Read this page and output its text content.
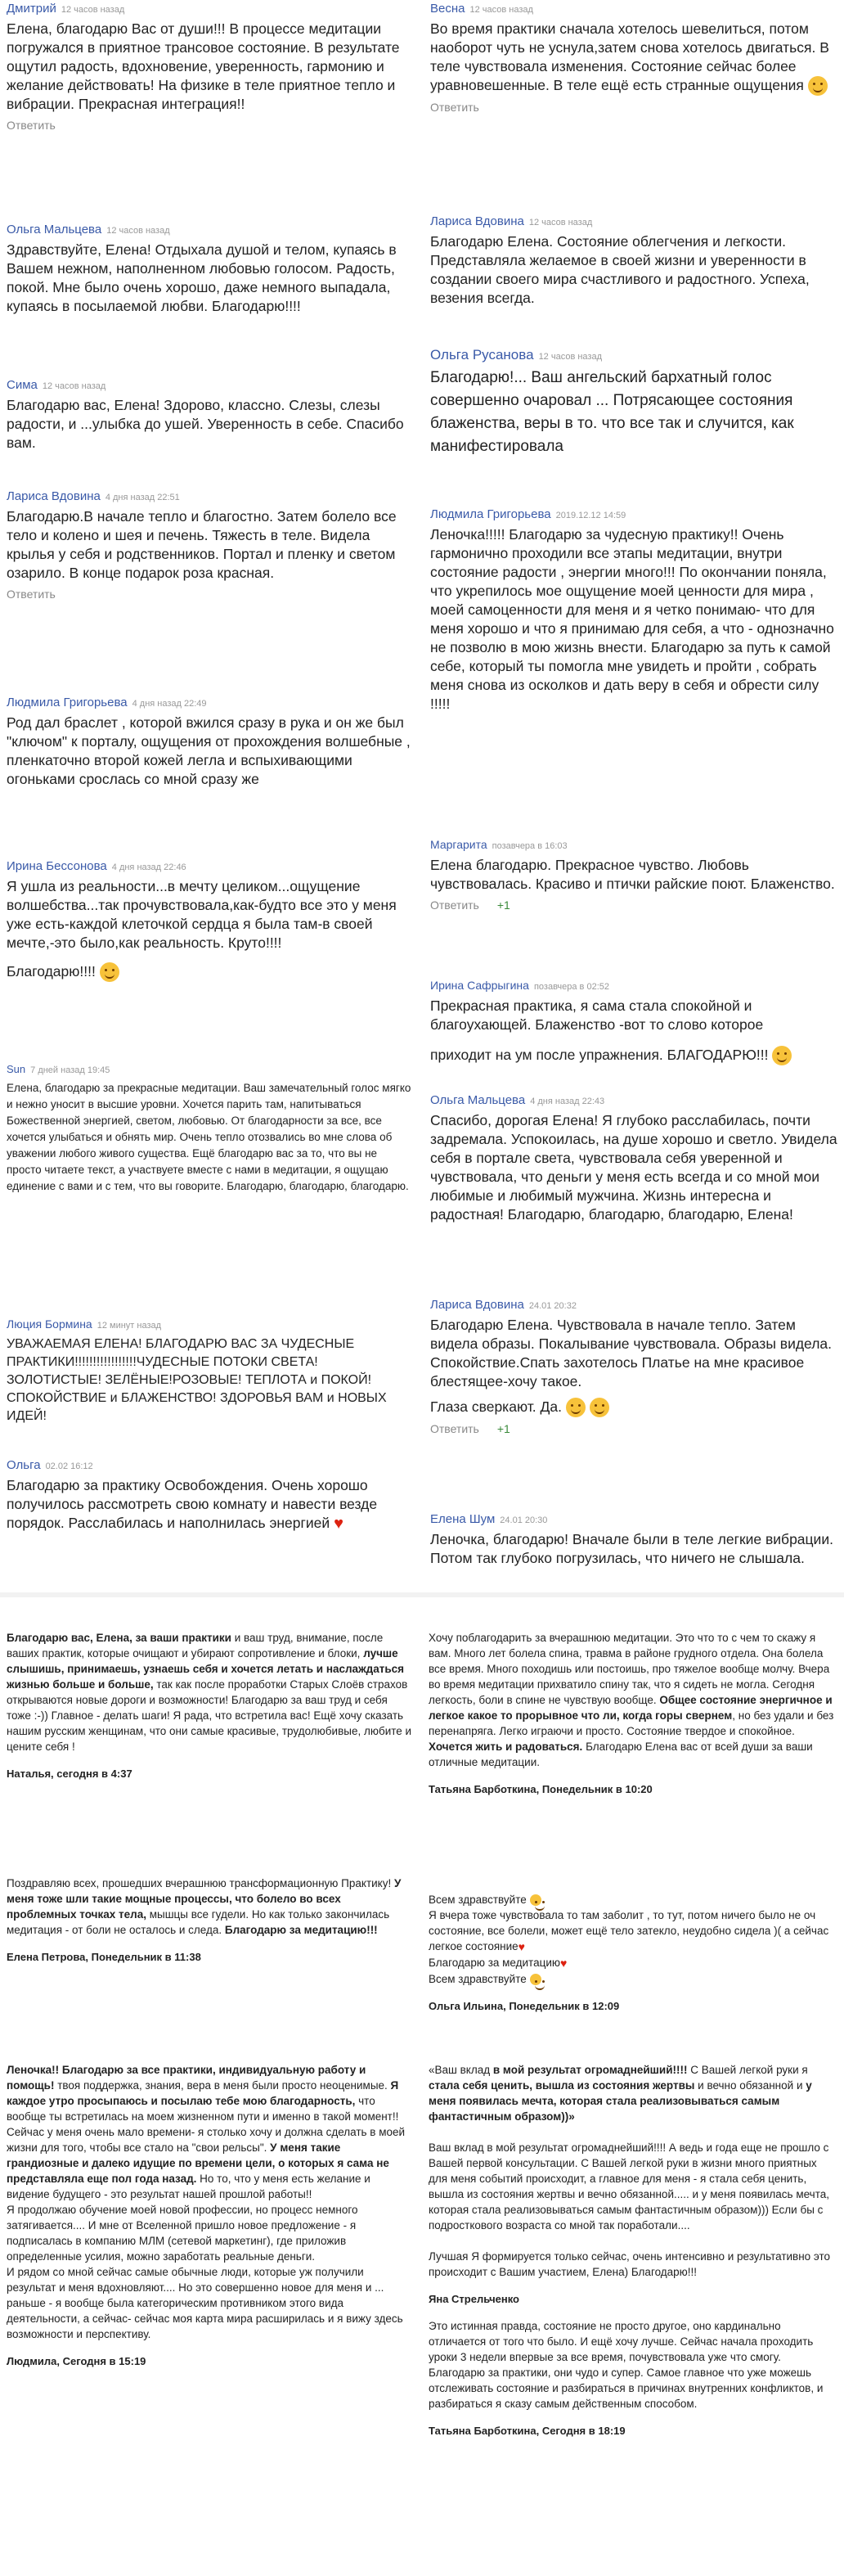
Дмитрий 12 часов назад
Елена, благодарю Вас от души!!! В процессе медитации погружался в приятное трансовое состояние. В результате ощутил радость, вдохновение, уверенность, гармонию и желание действовать! На физике в теле приятное тепло и вибрации. Прекрасная интеграция!!
Ответить
Ольга Мальцева 12 часов назад
Здравствуйте, Елена! Отдыхала душой и телом, купаясь в Вашем нежном, наполненном любовью голосом. Радость, покой. Мне было очень хорошо, даже немного выпадала, купаясь в посылаемой любви. Благодарю!!!!
Сима 12 часов назад
Благодарю вас, Елена! Здорово, классно. Слезы, слезы радости, и ...улыбка до ушей. Уверенность в себе. Спасибо вам.
Лариса Вдовина 4 дня назад 22:51
Благодарю.В начале тепло и благостно. Затем болело все тело и колено и шея и печень. Тяжесть в теле. Видела крылья у себя и родственников. Портал и пленку и светом озарило. В конце подарок роза красная.
Ответить
Людмила Григорьева 4 дня назад 22:49
Род дал браслет , которой вжился сразу в рука и он же был "ключом" к порталу, ощущения от прохождения волшебные , пленкаточно второй кожей легла и вспыхивающими огоньками срослась со мной сразу же
Ирина Бессонова 4 дня назад 22:46
Я ушла из реальности...в мечту целиком...ощущение волшебства...так прочувствовала,как-будто все это у меня уже есть-каждой клеточкой сердца я была там-в своей мечте,-это было,как реальность. Круто!!!!
Благодарю!!!!
Sun 7 дней назад 19:45
Елена, благодарю за прекрасные медитации. Ваш замечательный голос мягко и нежно уносит в высшие уровни. Хочется парить там, напитываться Божественной энергией, светом, любовью. От благодарности за все, все хочется улыбаться и обнять мир. Очень тепло отозвались во мне слова об уважении любого живого существа. Ещё благодарю вас за то, что вы не просто читаете текст, а участвуете вместе с нами в медитации, я ощущаю единение с вами и с тем, что вы говорите. Благодарю, благодарю, благодарю.
Люция Бормина 12 минут назад
УВАЖАЕМАЯ ЕЛЕНА! БЛАГОДАРЮ ВАС ЗА ЧУДЕСНЫЕ ПРАКТИКИ!!!!!!!!!!!!!!!!!ЧУДЕСНЫЕ ПОТОКИ СВЕТА! ЗОЛОТИСТЫЕ! ЗЕЛЁНЫЕ!РОЗОВЫЕ! ТЕПЛОТА и ПОКОЙ! СПОКОЙСТВИЕ и БЛАЖЕНСТВО! ЗДОРОВЬЯ ВАМ и НОВЫХ ИДЕЙ!
Ольга 02.02 16:12
Благодарю за практику Освобождения. Очень хорошо получилось рассмотреть свою комнату и навести везде порядок. Расслабилась и наполнилась энергией ♥
Весна 12 часов назад
Во время практики сначала хотелось шевелиться, потом наоборот чуть не уснула,затем снова хотелось двигаться. В теле чувствовала изменения. Состояние сейчас более уравновешенные. В теле ещё есть странные ощущения
Ответить
Лариса Вдовина 12 часов назад
Благодарю Елена. Состояние облегчения и легкости. Представляла желаемое в своей жизни и уверенности в создании своего мира счастливого и радостного. Успеха, везения всегда.
Ольга Русанова 12 часов назад
Благодарю!... Ваш ангельский бархатный голос совершенно очаровал ... Потрясающее состояния блаженства, веры в то. что все так и случится, как манифестировала
Людмила Григорьева 2019.12.12 14:59
Леночка!!!!! Благодарю за чудесную практику!! Очень гармонично проходили все этапы медитации, внутри состояние радости , энергии много!!! По окончании поняла, что укрепилось мое ощущение моей ценности для мира , моей самоценности для меня и я четко понимаю- что для меня хорошо и что я принимаю для себя, а что - однозначно не позволю в мою жизнь внести. Благодарю за путь к самой себе, который ты помогла мне увидеть и пройти , собрать меня снова из осколков и дать веру в себя и обрести силу !!!!!
Маргарита позавчера в 16:03
Елена благодарю. Прекрасное чувство. Любовь чувствовалась. Красиво и птички райские поют. Блаженство.
Ответить +1
Ирина Сафрыгина позавчера в 02:52
Прекрасная практика, я сама стала спокойной и благоухающей. Блаженство -вот то слово которое
приходит на ум после упражнения. БЛАГОДАРЮ!!!
Ольга Мальцева 4 дня назад 22:43
Спасибо, дорогая Елена! Я глубоко расслабилась, почти задремала. Успокоилась, на душе хорошо и светло. Увидела себя в портале света, чувствовала себя уверенной и чувствовала, что деньги у меня есть всегда и со мной мои любимые и любимый мужчина. Жизнь интересна и радостная! Благодарю, благодарю, благодарю, Елена!
Лариса Вдовина 24.01 20:32
Благодарю Елена. Чувствовала в начале тепло. Затем видела образы. Покалывание чувствовала. Образы видела. Спокойствие.Спать захотелось Платье на мне красивое блестящее-хочу такое.
Глаза сверкают. Да.
Ответить +1
Елена Шум 24.01 20:30
Леночка, благодарю! Вначале были в теле легкие вибрации. Потом так глубоко погрузилась, что ничего не слышала.
Благодарю вас, Елена, за ваши практики и ваш труд, внимание, после ваших практик, которые очищают и убирают сопротивление и блоки, лучше слышишь, принимаешь, узнаешь себя и хочется летать и наслаждаться жизнью больше и больше, так как после проработки Старых Слоёв страхов открываются новые дороги и возможности! Благодарю за ваш труд и себя тоже :-)) Главное - делать шаги! Я рада, что встретила вас! Ещё хочу сказать нашим русским женщинам, что они самые красивые, трудолюбивые, любите и цените себя !
Наталья, сегодня в 4:37
Хочу поблагодарить за вчерашнюю медитации. Это что то с чем то скажу я вам. Много лет болела спина, травма в районе грудного отдела. Она болела все время. Много походишь или постоишь, про тяжелое вообще молчу. Вчера во время медитации прихватило спину так, что я сидеть не могла. Сегодня легкость, боли в спине не чувствую вообще. Общее состояние энергичное и легкое какое то прорывное что ли, когда горы свернем, но без удали и без перенапряга. Легко играючи и просто. Состояние твердое и спокойное. Хочется жить и радоваться. Благодарю Елена вас от всей души за ваши отличные медитации.
Татьяна Барботкина, Понедельник в 10:20
Поздравляю всех, прошедших вчерашнюю трансформационную Практику! У меня тоже шли такие мощные процессы, что болело во всех проблемных точках тела, мышцы все гудели. Но как только закончилась медитация - от боли не осталось и следа. Благодарю за медитацию!!!
Елена Петрова, Понедельник в 11:38
Всем здравствуйте
Я вчера тоже чувствовала то там заболит , то тут, потом ничего было не оч состояние, все болели, может ещё тело затекло, неудобно сидела )( а сейчас легкое состояние♥
Благодарю за медитацию♥
Всем здравствуйте
Ольга Ильина, Понедельник в 12:09
Леночка!! Благодарю за все практики, индивидуальную работу и помощь! твоя поддержка, знания, вера в меня были просто неоценимые. Я каждое утро просыпаюсь и посылаю тебе мою благодарность, что вообще ты встретилась на моем жизненном пути и именно в такой момент!!
Сейчас у меня очень мало времени- я столько хочу и должна сделать в моей жизни для того, чтобы все стало на "свои рельсы". У меня такие грандиозные и далеко идущие по времени цели, о которых я сама не представляла еще пол года назад. Но то, что у меня есть желание и видение будущего - это результат нашей прошлой работы!!
Я продолжаю обучение моей новой профессии, но процесс немного затягивается.... И мне от Вселенной пришло новое предложение - я подписалась в компанию МЛМ (сетевой маркетинг), где приложив определенные усилия, можно заработать реальные деньги.
И рядом со мной сейчас самые обычные люди, которые уж получили результат и меня вдохновляют.... Но это совершенно новое для меня и ... раньше - я вообще была категорическим противником этого вида деятельности, а сейчас- сейчас моя карта мира расширилась и я вижу здесь возможности и перспективу.
Людмила, Сегодня в 15:19
«Ваш вклад в мой результат огромаднейший!!!! С Вашей легкой руки я стала себя ценить, вышла из состояния жертвы и вечно обязанной и у меня появилась мечта, которая стала реализовываться самым фантастичным образом))»

Ваш вклад в мой результат огромаднейший!!!! А ведь и года еще не прошло с Вашей первой консультации. С Вашей легкой руки в жизни много приятных для меня событий происходит, а главное для меня - я стала себя ценить, вышла из состояния жертвы и вечно обязанной..... и у меня появилась мечта, которая стала реализовываться самым фантастичным образом))) Если бы с подросткового возраста со мной так поработали....

Лучшая Я формируется только сейчас, очень интенсивно и результативно это происходит с Вашим участием, Елена) Благодарю!!!
Яна Стрельченко
Это истинная правда, состояние не просто другое, оно кардинально отличается от того что было. И ещё хочу лучше. Сейчас начала проходить уроки 3 недели впервые за все время, почувствовала уже что смогу. Благодарю за практики, они чудо и супер. Самое главное что уже можешь отслеживать состояние и разбираться в причинах внутренних конфликтов, и разбираться я сказу самым действенным способом.
Татьяна Барботкина, Сегодня в 18:19
